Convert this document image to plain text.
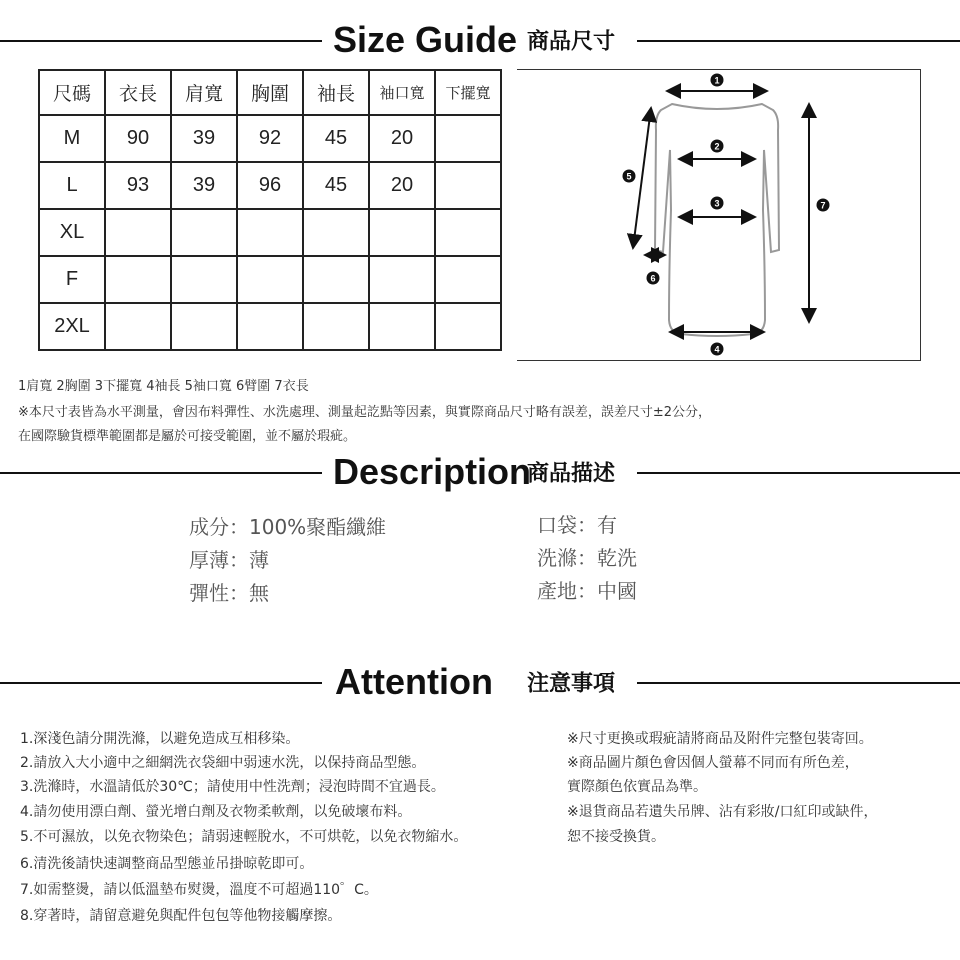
Size Guide 商品尺寸
尺碼	衣長	肩寬	胸圍	袖長	袖口寬	下擺寬
M	90	39	92	45	20	
L	93	39	96	45	20	
XL						
F						
2XL						
1
2
3
4
5
6
7
1肩寬 2胸圍 3下擺寬 4袖長 5袖口寬 6臂圍 7衣長
※本尺寸表皆為水平測量，會因布料彈性、水洗處理、測量起訖點等因素，與實際商品尺寸略有誤差，誤差尺寸±2公分，
在國際驗貨標準範圍都是屬於可接受範圍，並不屬於瑕疵。
Description
商品描述
成分：100%聚酯纖維
厚薄：薄
彈性：無
口袋：有
洗滌：乾洗
產地：中國
Attention 注意事項
1.深淺色請分開洗滌，以避免造成互相移染。
2.請放入大小適中之細網洗衣袋細中弱速水洗，以保持商品型態。
3.洗滌時，水溫請低於30℃；請使用中性洗劑；浸泡時間不宜過長。
4.請勿使用漂白劑、螢光增白劑及衣物柔軟劑，以免破壞布料。
5.不可濕放，以免衣物染色；請弱速輕脫水，不可烘乾，以免衣物縮水。
6.清洗後請快速調整商品型態並吊掛晾乾即可。
7.如需整燙，請以低溫墊布熨燙，溫度不可超過110゜C。
8.穿著時，請留意避免與配件包包等他物接觸摩擦。
※尺寸更換或瑕疵請將商品及附件完整包裝寄回。
※商品圖片顏色會因個人螢幕不同而有所色差，
實際顏色依實品為準。
※退貨商品若遺失吊牌、沾有彩妝/口紅印或缺件，
恕不接受換貨。
